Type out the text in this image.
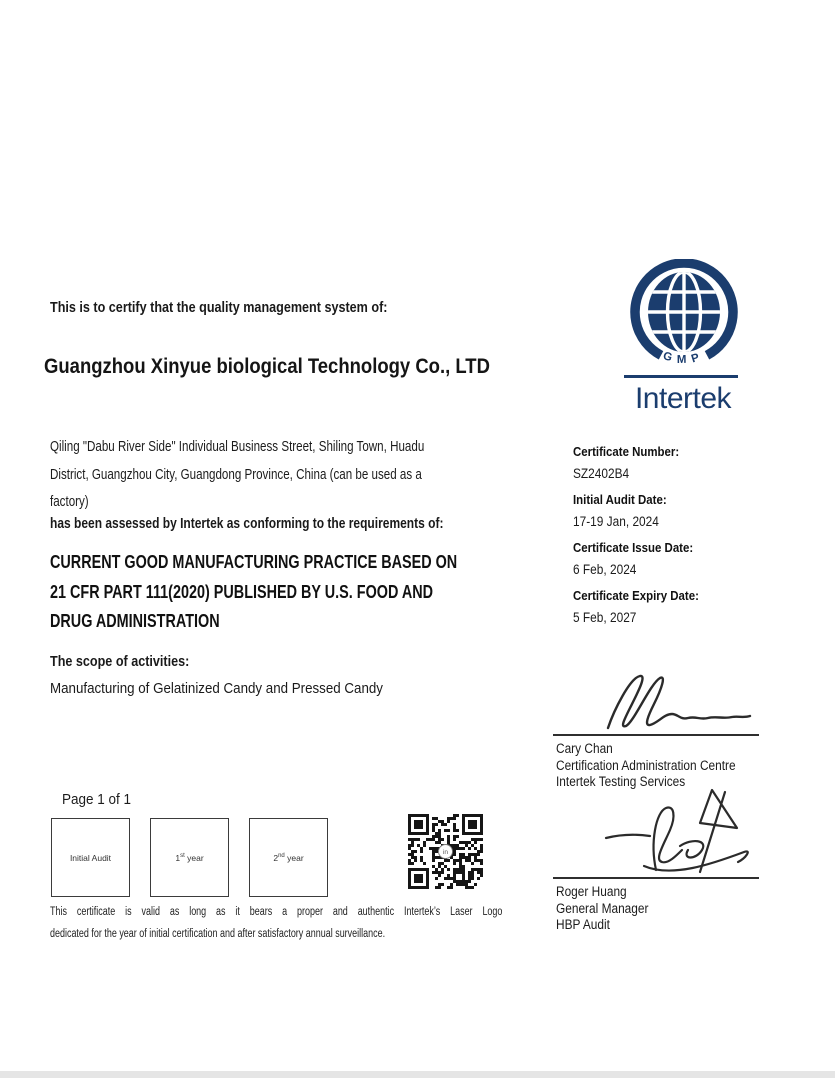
This is to certify that the quality management system of:
Guangzhou Xinyue biological Technology Co., LTD
Qiling "Dabu River Side" Individual Business Street, Shiling Town, Huadu
District, Guangzhou City, Guangdong Province, China (can be used as a
factory)
has been assessed by Intertek as conforming to the requirements of:
CURRENT GOOD MANUFACTURING PRACTICE BASED ON
21 CFR PART 111(2020) PUBLISHED BY U.S. FOOD AND
DRUG ADMINISTRATION
The scope of activities:
Manufacturing of Gelatinized Candy and Pressed Candy
Page 1 of 1
Initial Audit	1st year	2nd year	in
This certificate is valid as long as it bears a proper and authentic Intertek’s Laser Logo
dedicated for the year of initial certification and after satisfactory annual surveillance.
GMP
Intertek
Certificate Number:
SZ2402B4
Initial Audit Date:
17-19 Jan, 2024
Certificate Issue Date:
6 Feb, 2024
Certificate Expiry Date:
5 Feb, 2027
Cary Chan
Certification Administration Centre
Intertek Testing Services
Roger Huang
General Manager
HBP Audit
